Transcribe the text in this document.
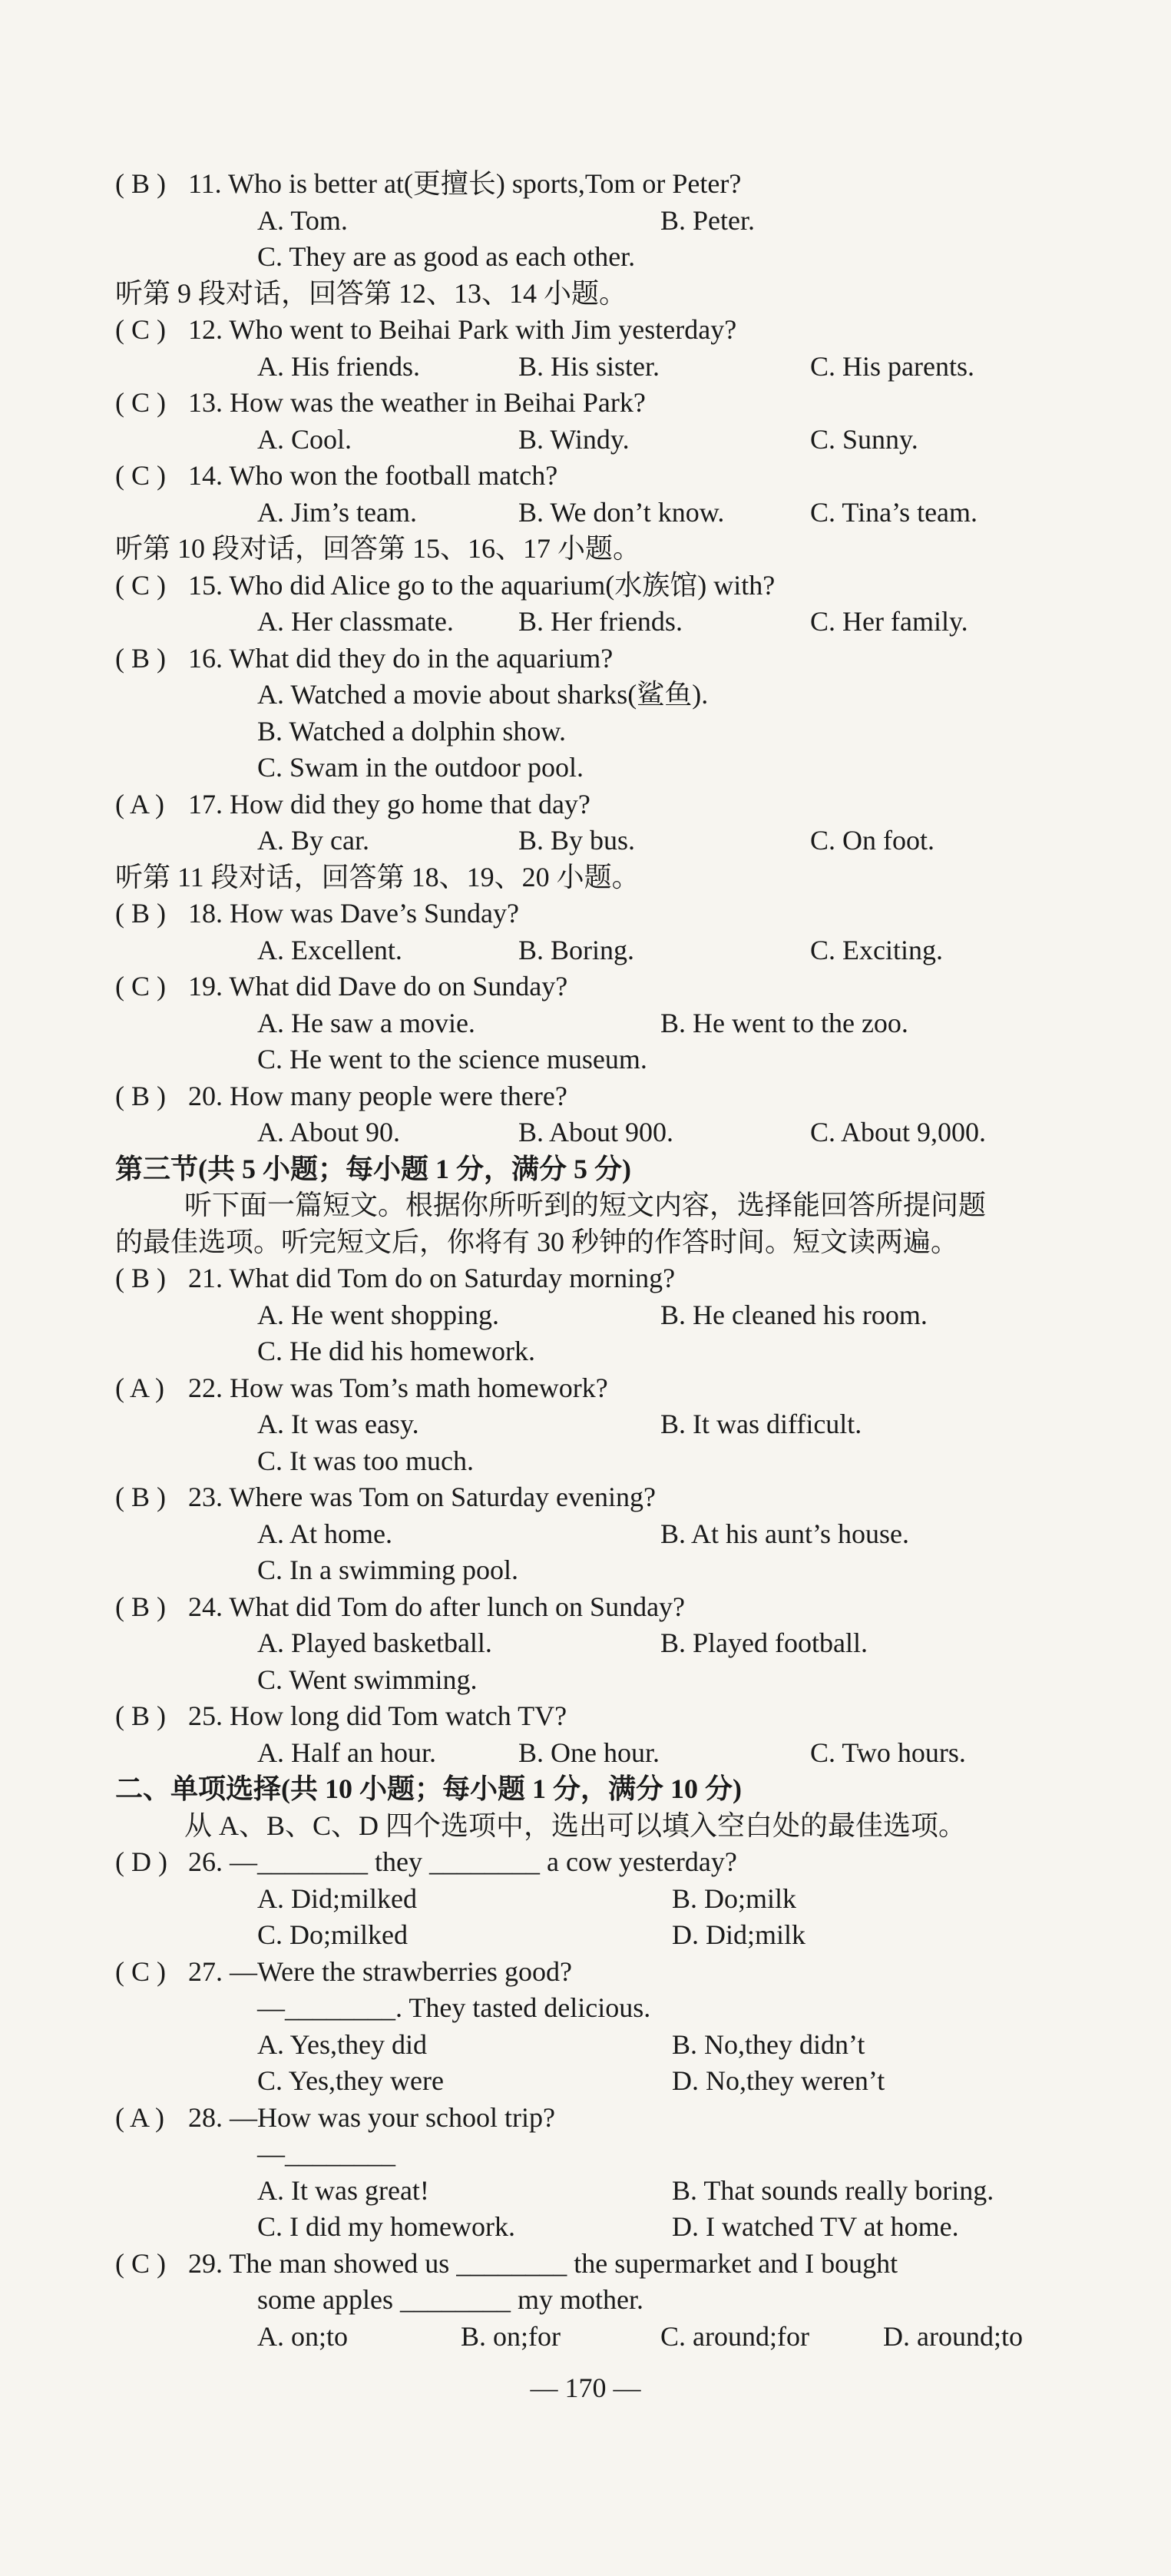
( B ) 11. Who is better at(更擅长) sports,Tom or Peter?
A. Tom.	B. Peter.
C. They are as good as each other.
听第 9 段对话，回答第 12、13、14 小题。
( C ) 12. Who went to Beihai Park with Jim yesterday?
A. His friends.	B. His sister.	C. His parents.
( C ) 13. How was the weather in Beihai Park?
A. Cool.	B. Windy.	C. Sunny.
( C ) 14. Who won the football match?
A. Jim’s team.	B. We don’t know.	C. Tina’s team.
听第 10 段对话，回答第 15、16、17 小题。
( C ) 15. Who did Alice go to the aquarium(水族馆) with?
A. Her classmate. B. Her friends.	C. Her family.
( B ) 16. What did they do in the aquarium?
A. Watched a movie about sharks(鲨鱼).
B. Watched a dolphin show.
C. Swam in the outdoor pool.
( A ) 17. How did they go home that day?
A. By car.	B. By bus.	C. On foot.
听第 11 段对话，回答第 18、19、20 小题。
( B ) 18. How was Dave’s Sunday?
A. Excellent.	B. Boring.	C. Exciting.
( C ) 19. What did Dave do on Sunday?
A. He saw a movie.	B. He went to the zoo.
C. He went to the science museum.
( B ) 20. How many people were there?
A. About 90.	B. About 900.	C. About 9,000.
第三节(共 5 小题；每小题 1 分，满分 5 分)
听下面一篇短文。根据你所听到的短文内容，选择能回答所提问题
的最佳选项。听完短文后，你将有 30 秒钟的作答时间。短文读两遍。
( B ) 21. What did Tom do on Saturday morning?
A. He went shopping.	B. He cleaned his room.
C. He did his homework.
( A ) 22. How was Tom’s math homework?
A. It was easy.	B. It was difficult.
C. It was too much.
( B ) 23. Where was Tom on Saturday evening?
A. At home.	B. At his aunt’s house.
C. In a swimming pool.
( B ) 24. What did Tom do after lunch on Sunday?
A. Played basketball.	B. Played football.
C. Went swimming.
( B ) 25. How long did Tom watch TV?
A. Half an hour.	B. One hour.	C. Two hours.
二、单项选择(共 10 小题；每小题 1 分，满分 10 分)
从 A、B、C、D 四个选项中，选出可以填入空白处的最佳选项。
( D ) 26. —________ they ________ a cow yesterday?
A. Did;milked	B. Do;milk
C. Do;milked	D. Did;milk
( C ) 27. —Were the strawberries good?
—________. They tasted delicious.
A. Yes,they did	B. No,they didn’t
C. Yes,they were	D. No,they weren’t
( A ) 28. —How was your school trip?
—________
A. It was great!	B. That sounds really boring.
C. I did my homework.	D. I watched TV at home.
( C ) 29. The man showed us ________ the supermarket and I bought
some apples ________ my mother.
A. on;to	B. on;for	C. around;for	D. around;to
— 170 —
